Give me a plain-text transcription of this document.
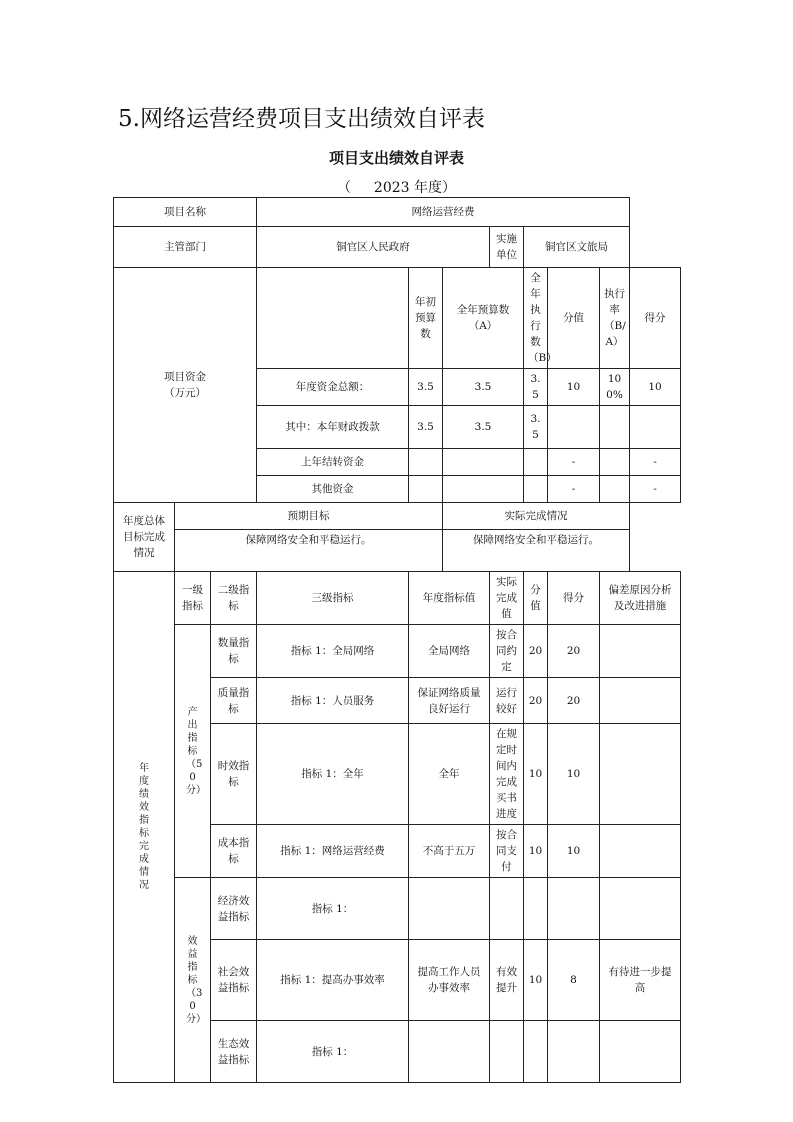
5.网络运营经费项目支出绩效自评表
项目支出绩效自评表
（ 2023 年度）
项目名称			网络运营经费							
主管部门			铜官区人民政府			实施单位	铜官区文旅局			

项目资金
（万元）				年初预算数	全年预算数（A）		全年执行数（B）	分值	执行率（B/A）	得分
			年度资金总额：	3.5	3.5		3.5	10	100%	10
			其中：本年财政拨款	3.5	3.5		3.5			
			上年结转资金					-		-
			其他资金					-		-
年度总体目标完成情况	预期目标				实际完成情况					
	保障网络安全和平稳运行。				保障网络安全和平稳运行。					

年度绩效指标完成情况	一级指标	二级指标	三级指标	年度指标值		实际完成值	分值	得分	偏差原因分析及改进措施	

	产出指标（50分）	数量指标	指标 1：全局网络	全局网络		按合同约定	20	20		
		质量指标	指标 1：人员服务	保证网络质量良好运行		运行较好	20	20		
		时效指标	指标 1：全年	全年		在规定时间内完成买书进度	10	10		
		成本指标	指标 1：网络运营经费	不高于五万		按合同支付	10	10		

	效益指标（30分）	经济效益指标	指标 1：							
		社会效益指标	指标 1：提高办事效率	提高工作人员办事效率		有效提升	10	8	有待进一步提高	
		生态效益指标	指标 1：							
